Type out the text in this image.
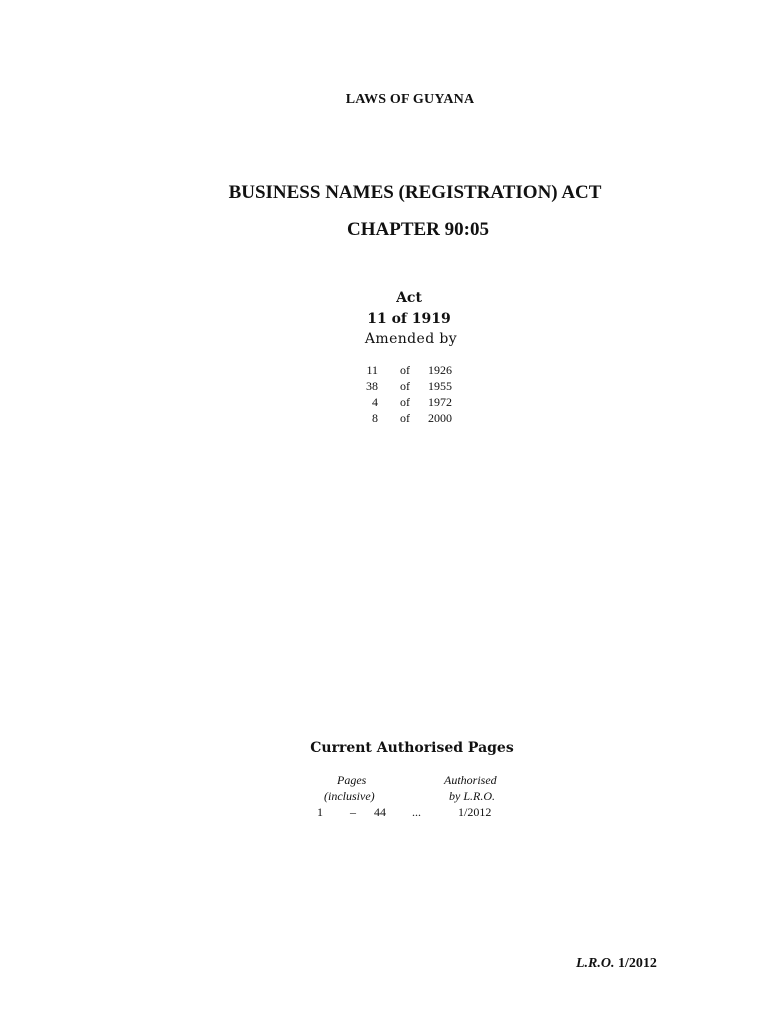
LAWS OF GUYANA
BUSINESS NAMES (REGISTRATION) ACT
CHAPTER 90:05
Act
11 of 1919
Amended by
11	of	1926
38	of	1955
4	of	1972
8	of	2000
Current Authorised Pages
Pages	Authorised
(inclusive)	by L.R.O.
1 – 44 ...	1/2012
L.R.O. 1/2012
